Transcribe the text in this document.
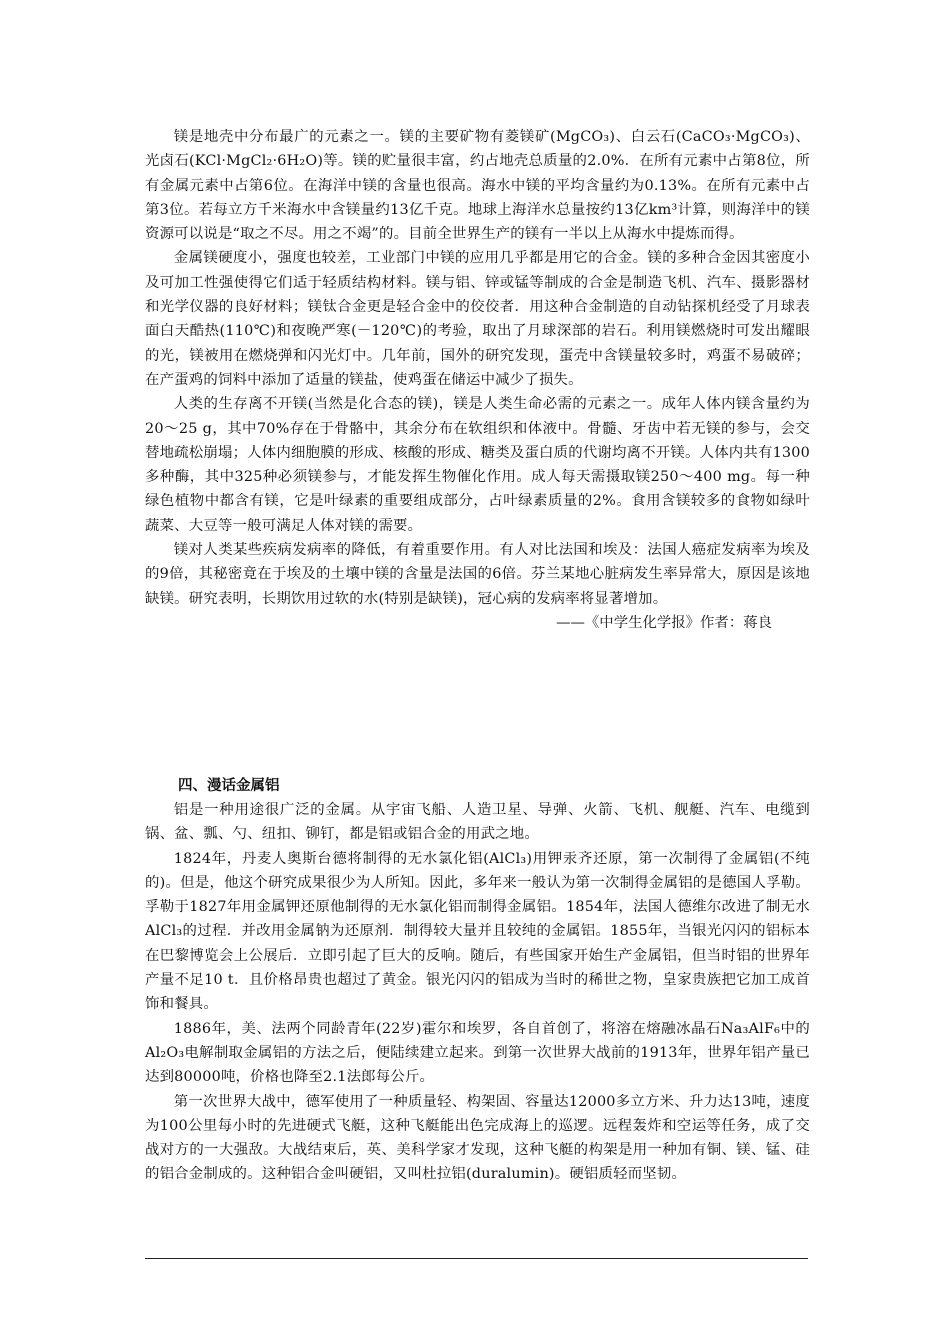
镁是地壳中分布最广的元素之一。镁的主要矿物有菱镁矿(MgCO₃)、白云石(CaCO₃·MgCO₃)、光卤石(KCl·MgCl₂·6H₂O)等。镁的贮量很丰富，约占地壳总质量的2.0%．在所有元素中占第8位，所有金属元素中占第6位。在海洋中镁的含量也很高。海水中镁的平均含量约为0.13%。在所有元素中占第3位。若每立方千米海水中含镁量约13亿千克。地球上海洋水总量按约13亿km³计算，则海洋中的镁资源可以说是“取之不尽。用之不竭”的。目前全世界生产的镁有一半以上从海水中提炼而得。

金属镁硬度小，强度也较差，工业部门中镁的应用几乎都是用它的合金。镁的多种合金因其密度小及可加工性强使得它们适于轻质结构材料。镁与铝、锌或锰等制成的合金是制造飞机、汽车、摄影器材和光学仪器的良好材料；镁钛合金更是轻合金中的佼佼者．用这种合金制造的自动钻探机经受了月球表面白天酷热(110℃)和夜晚严寒(－120℃)的考验，取出了月球深部的岩石。利用镁燃烧时可发出耀眼的光，镁被用在燃烧弹和闪光灯中。几年前，国外的研究发现，蛋壳中含镁量较多时，鸡蛋不易破碎；在产蛋鸡的饲料中添加了适量的镁盐，使鸡蛋在储运中减少了损失。

人类的生存离不开镁(当然是化合态的镁)，镁是人类生命必需的元素之一。成年人体内镁含量约为20～25 g，其中70%存在于骨骼中，其余分布在软组织和体液中。骨髓、牙齿中若无镁的参与，会交替地疏松崩塌；人体内细胞膜的形成、核酸的形成、糖类及蛋白质的代谢均离不开镁。人体内共有1300多种酶，其中325种必须镁参与，才能发挥生物催化作用。成人每天需摄取镁250～400 mg。每一种绿色植物中都含有镁，它是叶绿素的重要组成部分，占叶绿素质量的2%。食用含镁较多的食物如绿叶蔬菜、大豆等一般可满足人体对镁的需要。

镁对人类某些疾病发病率的降低，有着重要作用。有人对比法国和埃及：法国人癌症发病率为埃及的9倍，其秘密竟在于埃及的土壤中镁的含量是法国的6倍。芬兰某地心脏病发生率异常大，原因是该地缺镁。研究表明，长期饮用过软的水(特别是缺镁)，冠心病的发病率将显著增加。

——《中学生化学报》作者：蒋良

四、漫话金属铝

铝是一种用途很广泛的金属。从宇宙飞船、人造卫星、导弹、火箭、飞机、舰艇、汽车、电缆到锅、盆、瓢、勺、纽扣、铆钉，都是铝或铝合金的用武之地。

1824年，丹麦人奥斯台德将制得的无水氯化铝(AlCl₃)用钾汞齐还原，第一次制得了金属铝(不纯的)。但是，他这个研究成果很少为人所知。因此，多年来一般认为第一次制得金属铝的是德国人孚勒。孚勒于1827年用金属钾还原他制得的无水氯化铝而制得金属铝。1854年，法国人德维尔改进了制无水AlCl₃的过程．并改用金属钠为还原剂．制得较大量并且较纯的金属铝。1855年，当银光闪闪的铝标本在巴黎博览会上公展后．立即引起了巨大的反响。随后，有些国家开始生产金属铝，但当时铝的世界年产量不足10 t．且价格昂贵也超过了黄金。银光闪闪的铝成为当时的稀世之物，皇家贵族把它加工成首饰和餐具。

1886年，美、法两个同龄青年(22岁)霍尔和埃罗，各自首创了，将溶在熔融冰晶石Na₃AlF₆中的Al₂O₃电解制取金属铝的方法之后，便陆续建立起来。到第一次世界大战前的1913年，世界年铝产量已达到80000吨，价格也降至2.1法郎每公斤。

第一次世界大战中，德军使用了一种质量轻、构架固、容量达12000多立方米、升力达13吨，速度为100公里每小时的先进硬式飞艇，这种飞艇能出色完成海上的巡逻。远程轰炸和空运等任务，成了交战对方的一大强敌。大战结束后，英、美科学家才发现，这种飞艇的构架是用一种加有铜、镁、锰、硅的铝合金制成的。这种铝合金叫硬铝，又叫杜拉铝(duralumin)。硬铝质轻而坚韧。
